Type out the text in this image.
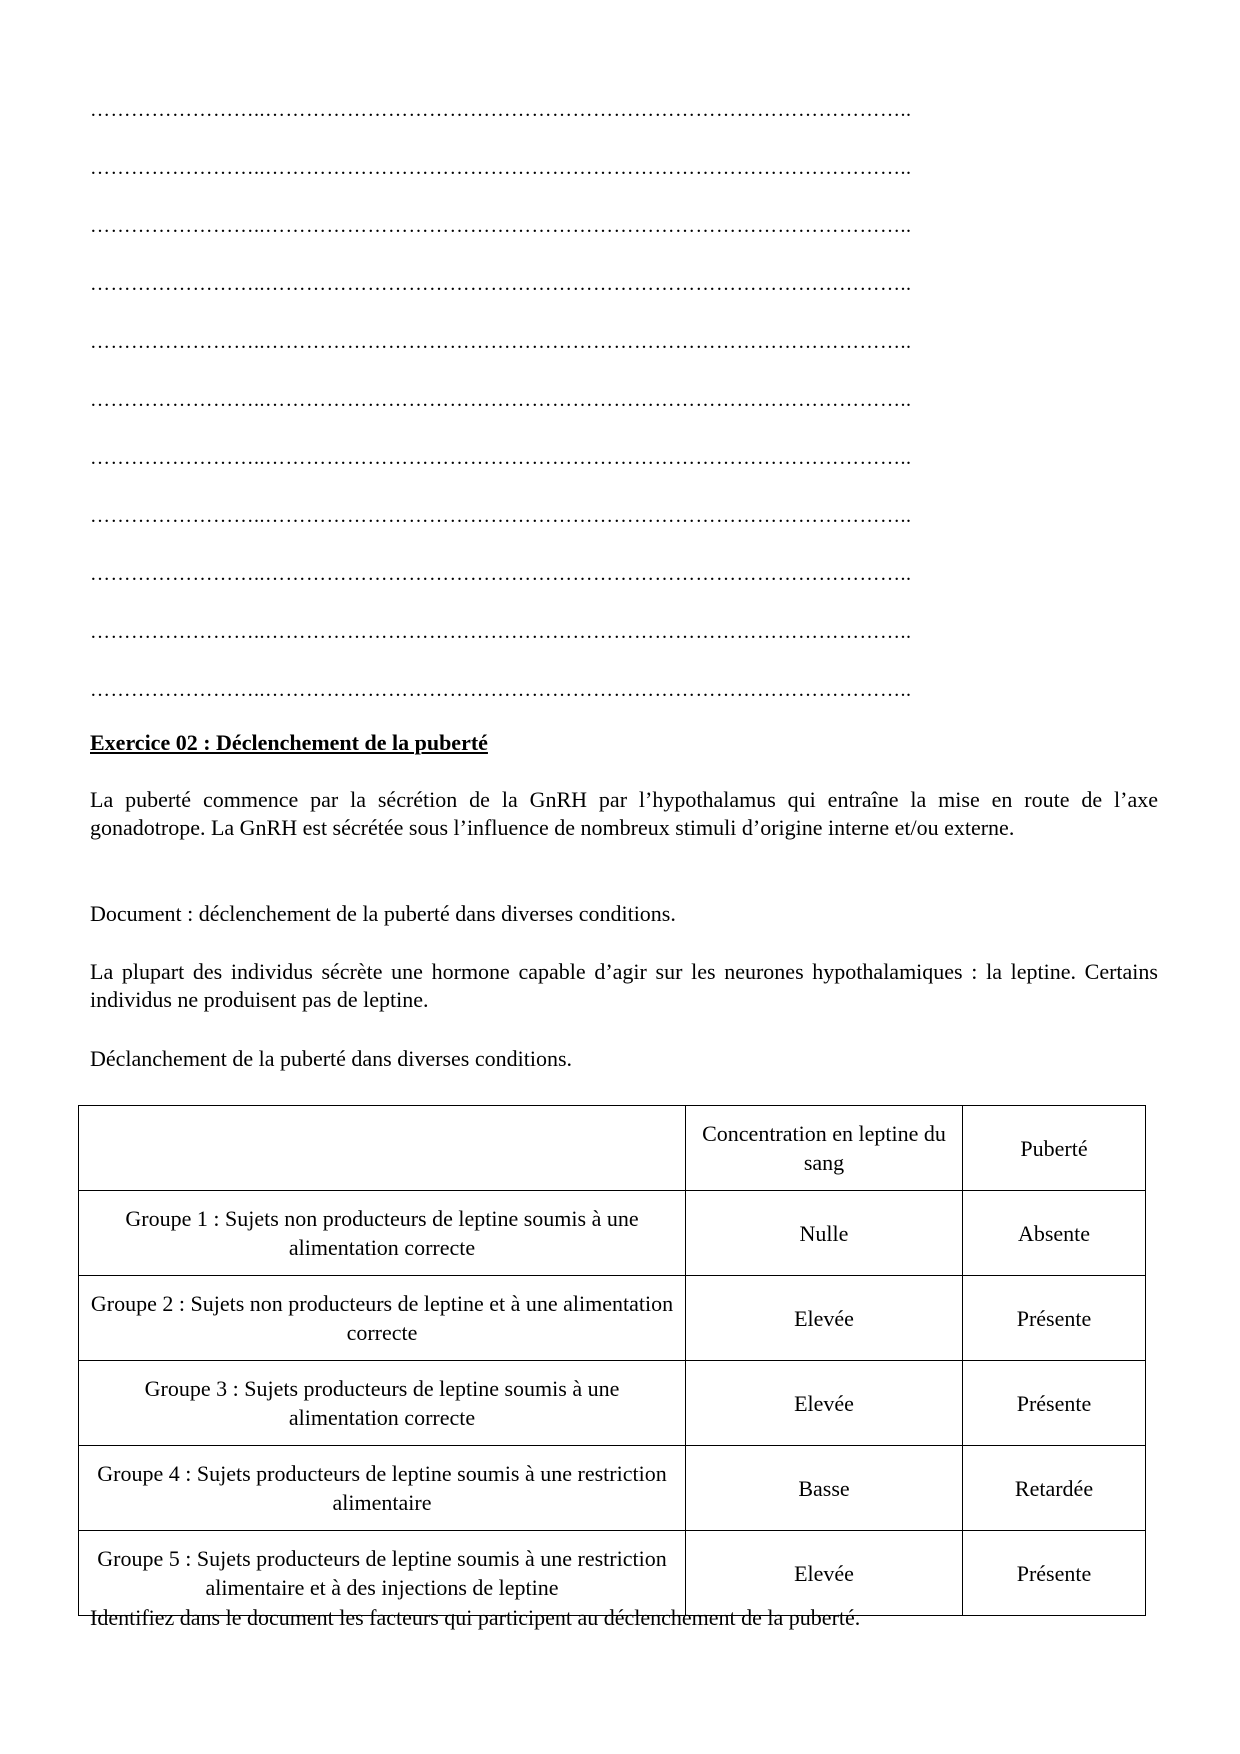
……………………..…………………………………………………………………………………..
……………………..…………………………………………………………………………………..
……………………..…………………………………………………………………………………..
……………………..…………………………………………………………………………………..
……………………..…………………………………………………………………………………..
……………………..…………………………………………………………………………………..
……………………..…………………………………………………………………………………..
……………………..…………………………………………………………………………………..
……………………..…………………………………………………………………………………..
……………………..…………………………………………………………………………………..
……………………..…………………………………………………………………………………..
Exercice 02 : Déclenchement de la puberté

La puberté commence par la sécrétion de la GnRH par l’hypothalamus qui entraîne la mise en route de l’axe gonadotrope. La GnRH est sécrétée sous l’influence de nombreux stimuli d’origine interne et/ou externe.

Document : déclenchement de la puberté dans diverses conditions.

La plupart des individus sécrète une hormone capable d’agir sur les neurones hypothalamiques : la leptine. Certains individus ne produisent pas de leptine.

Déclanchement de la puberté dans diverses conditions.

	Concentration en leptine du sang	Puberté
Groupe 1 : Sujets non producteurs de leptine soumis à une alimentation correcte	Nulle	Absente
Groupe 2 : Sujets non producteurs de leptine et à une alimentation correcte	Elevée	Présente
Groupe 3 : Sujets producteurs de leptine soumis à une alimentation correcte	Elevée	Présente
Groupe 4 : Sujets producteurs de leptine soumis à une restriction alimentaire	Basse	Retardée
Groupe 5 : Sujets producteurs de leptine soumis à une restriction alimentaire et à des injections de leptine	Elevée	Présente

Identifiez dans le document les facteurs qui participent au déclenchement de la puberté.
